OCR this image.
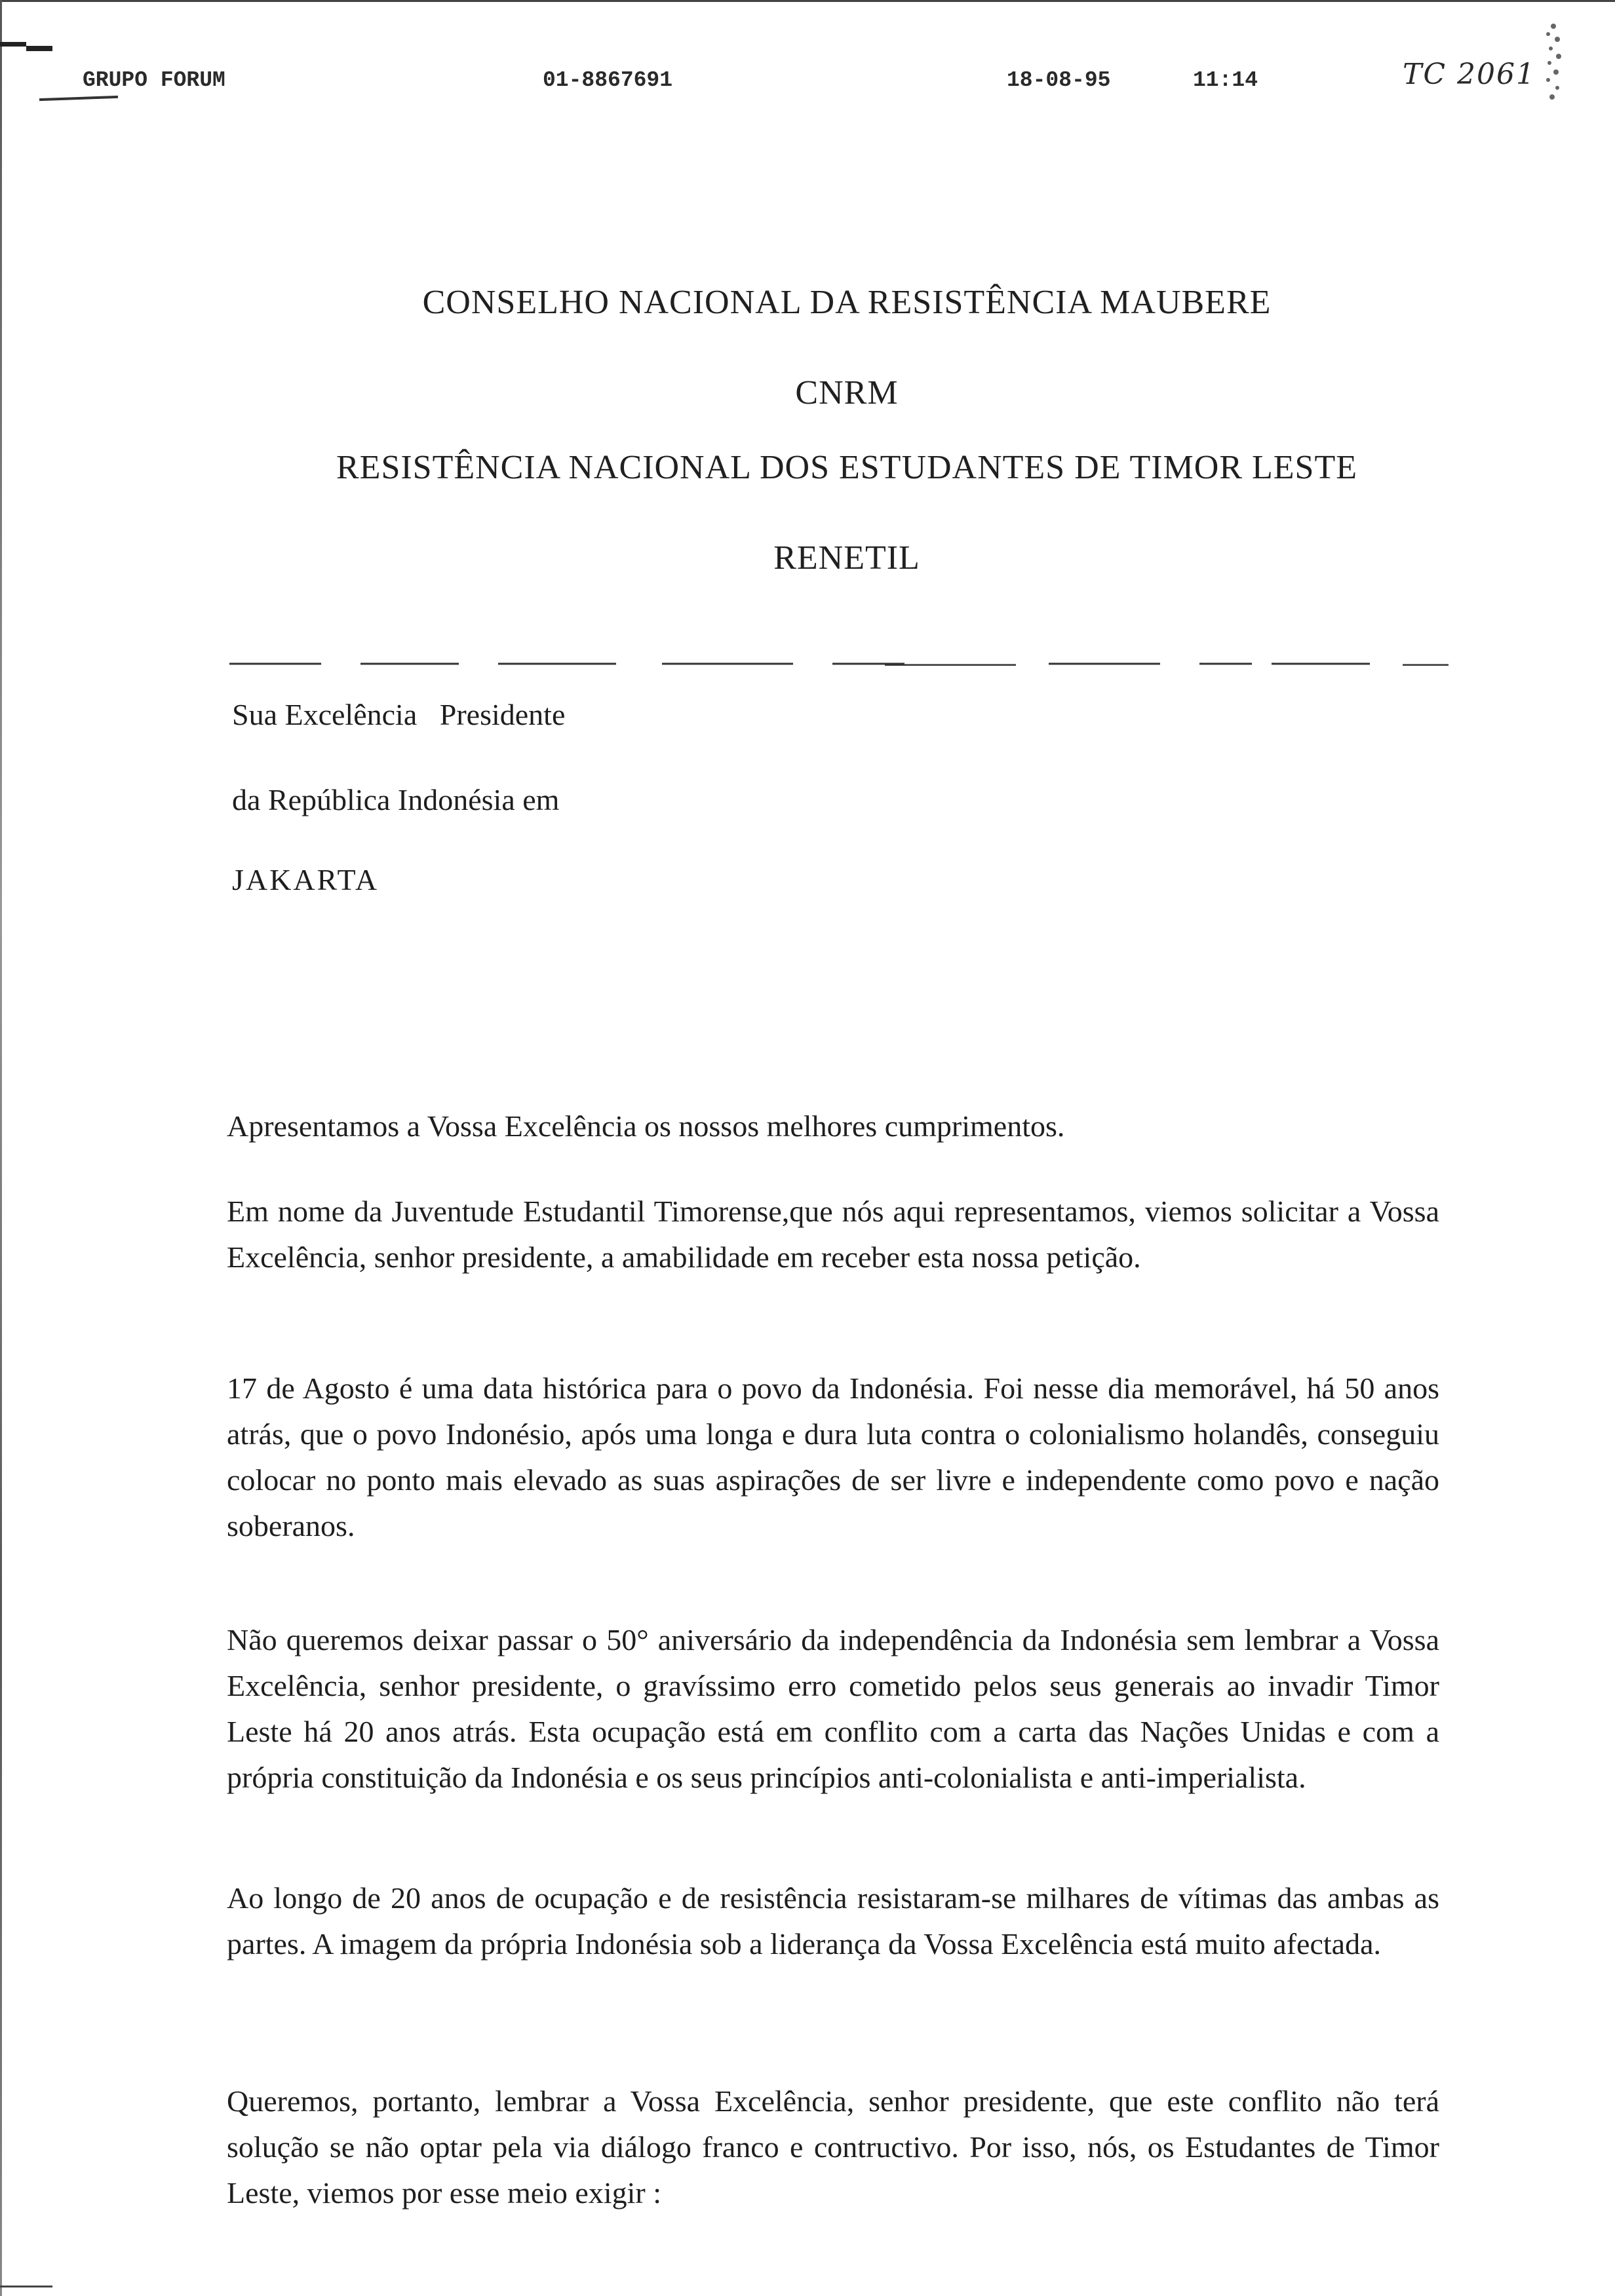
GRUPO FORUM	01-8867691	18-08-95	11:14	TC 2061
CONSELHO NACIONAL DA RESISTÊNCIA MAUBERE
CNRM
RESISTÊNCIA NACIONAL DOS ESTUDANTES DE TIMOR LESTE
RENETIL
Sua Excelência   Presidente
da República Indonésia em
JAKARTA
Apresentamos a Vossa Excelência os nossos melhores cumprimentos.
Em nome da Juventude Estudantil Timorense,que nós aqui representamos, viemos solicitar a Vossa Excelência, senhor presidente, a amabilidade em receber esta nossa petição.
17 de Agosto é uma data histórica para o povo da Indonésia. Foi nesse dia memorável, há 50 anos atrás, que o povo Indonésio, após uma longa e dura luta contra o colonialismo holandês, conseguiu colocar no ponto mais elevado as suas aspirações de ser livre e independente como povo e nação soberanos.
Não queremos deixar passar o 50° aniversário da independência da Indonésia sem lembrar a Vossa Excelência, senhor presidente, o gravíssimo erro cometido pelos seus generais ao invadir Timor Leste há 20 anos atrás. Esta ocupação está em conflito com a carta das Nações Unidas e com a própria constituição da Indonésia e os seus princípios anti-colonialista e anti-imperialista.
Ao longo de 20 anos de ocupação e de resistência resistaram-se milhares de vítimas das ambas as partes. A imagem da própria Indonésia sob a liderança da Vossa Excelência está muito afectada.
Queremos, portanto, lembrar a Vossa Excelência, senhor presidente, que este conflito não terá solução se não optar pela via diálogo franco e contructivo. Por isso, nós, os Estudantes de Timor Leste, viemos por esse meio exigir :
